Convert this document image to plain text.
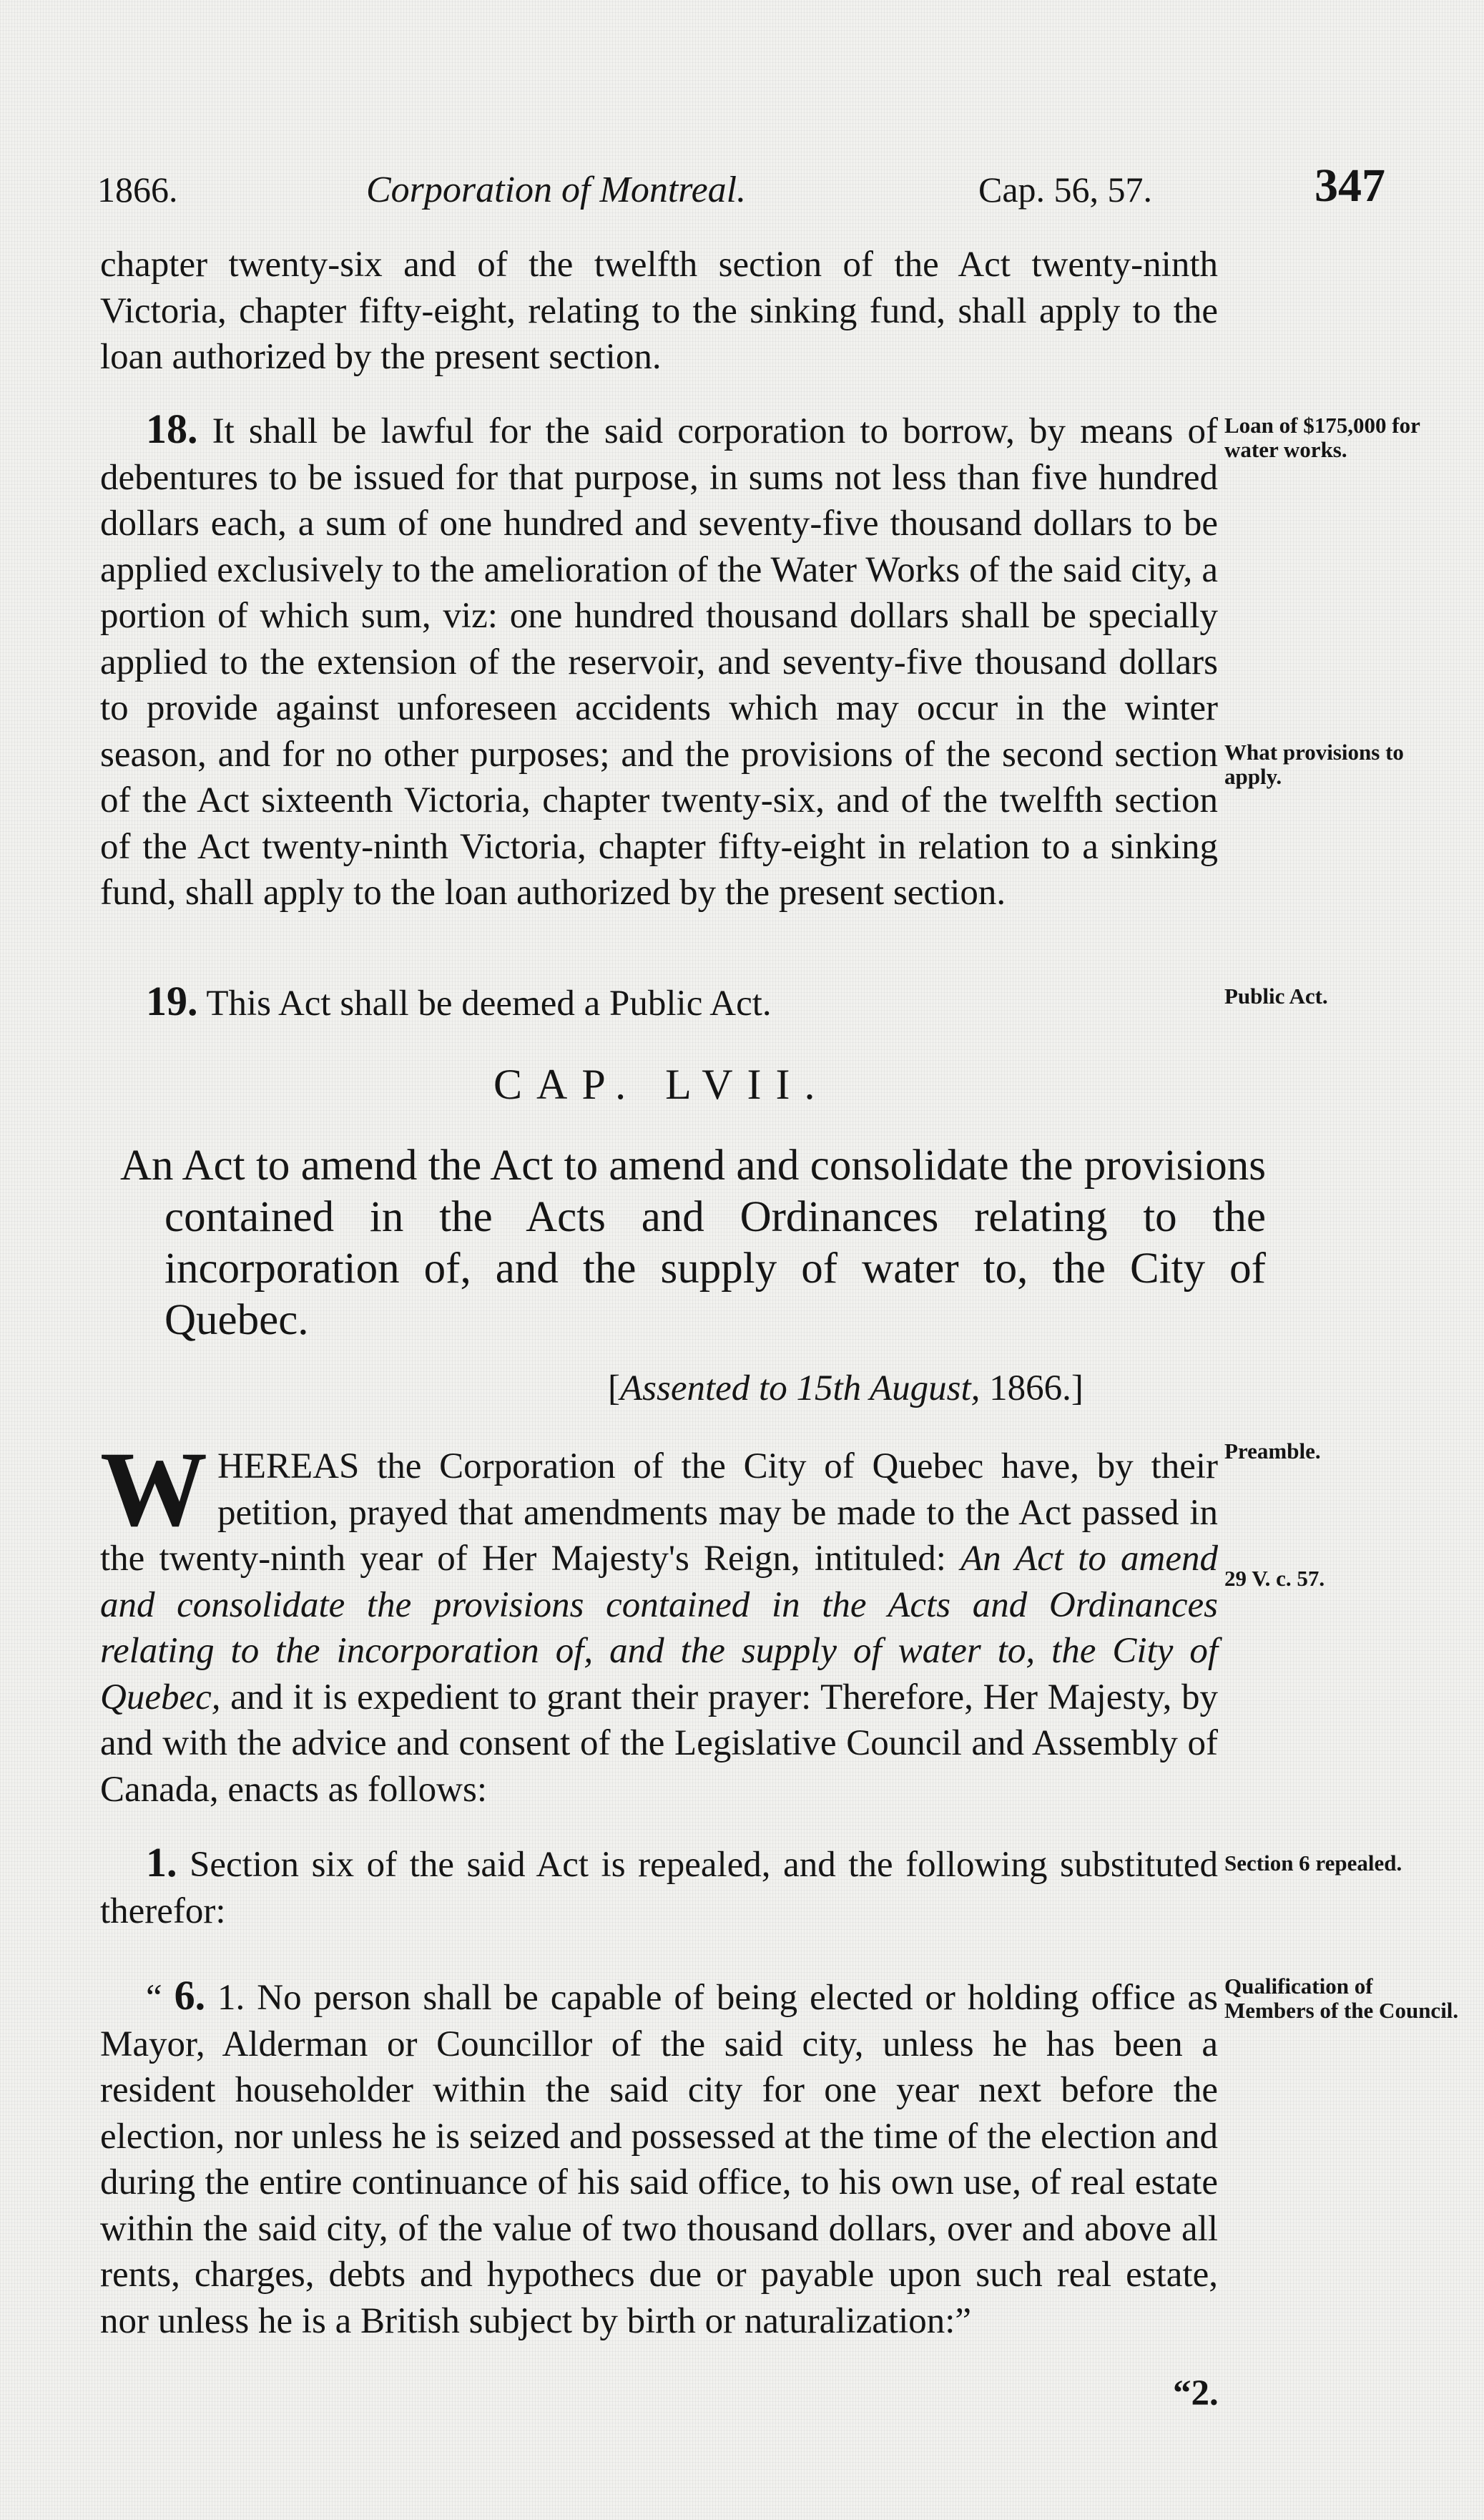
1866.	Corporation of Montreal.	Cap. 56, 57.	347

chapter twenty-six and of the twelfth section of the Act twenty-ninth Victoria, chapter fifty-eight, relating to the sinking fund, shall apply to the loan authorized by the present section.

18. It shall be lawful for the said corporation to borrow, by means of debentures to be issued for that purpose, in sums not less than five hundred dollars each, a sum of one hundred and seventy-five thousand dollars to be applied exclusively to the amelioration of the Water Works of the said city, a portion of which sum, viz: one hundred thousand dollars shall be specially applied to the extension of the reservoir, and seventy-five thousand dollars to provide against unforeseen accidents which may occur in the winter season, and for no other purposes; and the provisions of the second section of the Act sixteenth Victoria, chapter twenty-six, and of the twelfth section of the Act twenty-ninth Victoria, chapter fifty-eight in relation to a sinking fund, shall apply to the loan authorized by the present section.

Loan of $175,000 for water works.
What provisions to apply.

19. This Act shall be deemed a Public Act.	Public Act.
CAP. LVII.
An Act to amend the Act to amend and consolidate the provisions contained in the Acts and Ordinances relating to the incorporation of, and the supply of water to, the City of Quebec.
[Assented to 15th August, 1866.]

W HEREAS the Corporation of the City of Quebec have, by their petition, prayed that amendments may be made to the Act passed in the twenty-ninth year of Her Majesty's Reign, intituled: An Act to amend and consolidate the provisions contained in the Acts and Ordinances relating to the incorporation of, and the supply of water to, the City of Quebec, and it is expedient to grant their prayer: Therefore, Her Majesty, by and with the advice and consent of the Legislative Council and Assembly of Canada, enacts as follows:

Preamble.
29 V. c. 57.

1. Section six of the said Act is repealed, and the following substituted therefor:

Section 6 repealed.

“ 6. 1. No person shall be capable of being elected or holding office as Mayor, Alderman or Councillor of the said city, unless he has been a resident householder within the said city for one year next before the election, nor unless he is seized and possessed at the time of the election and during the entire continuance of his said office, to his own use, of real estate within the said city, of the value of two thousand dollars, over and above all rents, charges, debts and hypothecs due or payable upon such real estate, nor unless he is a British subject by birth or naturalization:”

Qualification of Members of the Council.
“2.
